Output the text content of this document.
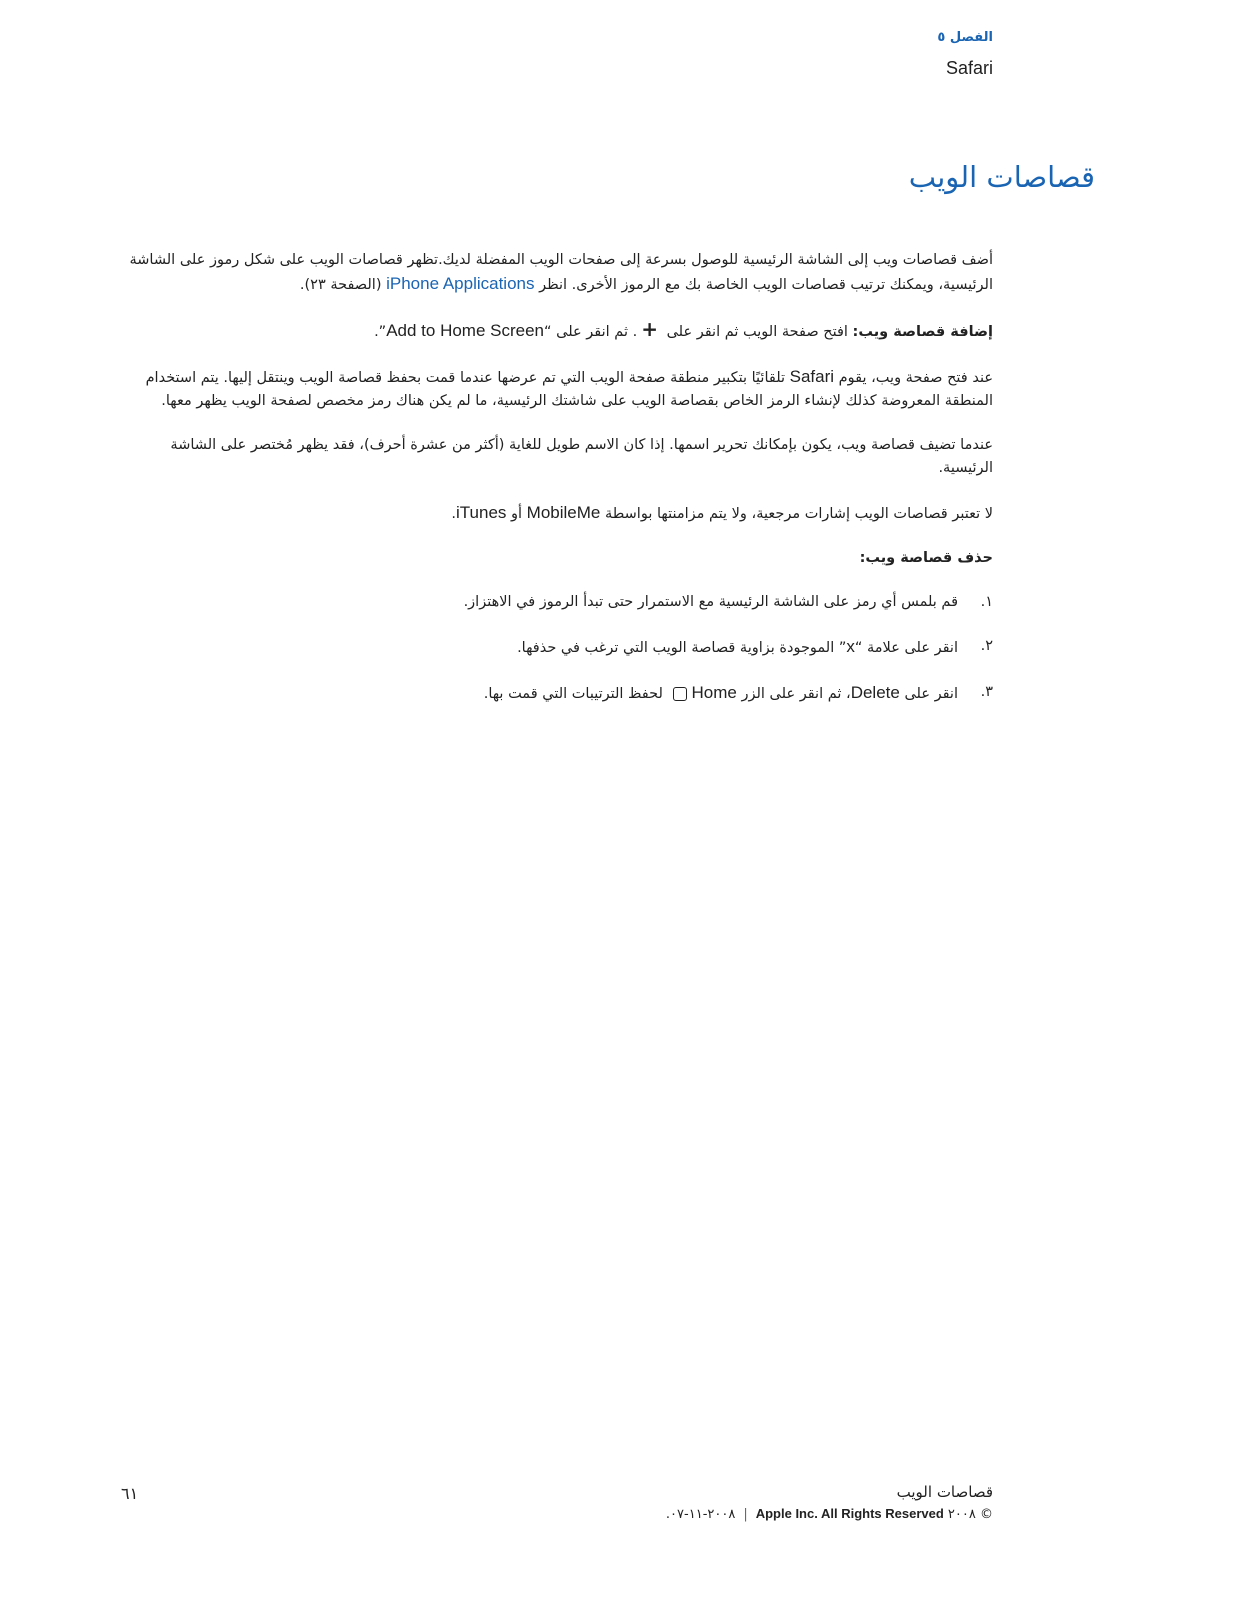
الفصل ٥
Safari
قصاصات الويب

أضف قصاصات ويب إلى الشاشة الرئيسية للوصول بسرعة إلى صفحات الويب المفضلة لديك.تظهر قصاصات الويب على شكل رموز على الشاشة الرئيسية، ويمكنك ترتيب قصاصات الويب الخاصة بك مع الرموز الأخرى. انظر iPhone Applications (الصفحة ٢٣).

إضافة قصاصة ويب: افتح صفحة الويب ثم انقر على +. ثم انقر على “Add to Home Screen”.

عند فتح صفحة ويب، يقوم Safari تلقائيًا بتكبير منطقة صفحة الويب التي تم عرضها عندما قمت بحفظ قصاصة الويب وينتقل إليها. يتم استخدام المنطقة المعروضة كذلك لإنشاء الرمز الخاص بقصاصة الويب على شاشتك الرئيسية، ما لم يكن هناك رمز مخصص لصفحة الويب يظهر معها.

عندما تضيف قصاصة ويب، يكون بإمكانك تحرير اسمها. إذا كان الاسم طويل للغاية (أكثر من عشرة أحرف)، فقد يظهر مُختصر على الشاشة الرئيسية.

لا تعتبر قصاصات الويب إشارات مرجعية، ولا يتم مزامنتها بواسطة MobileMe أو iTunes.

حذف قصاصة ويب:

١.
قم بلمس أي رمز على الشاشة الرئيسية مع الاستمرار حتى تبدأ الرموز في الاهتزاز.
٢.
انقر على علامة “x” الموجودة بزاوية قصاصة الويب التي ترغب في حذفها.
٣.
انقر على Delete، ثم انقر على الزر Home لحفظ الترتيبات التي قمت بها.
٦١	قصاصات الويب
© ٢٠٠٨ Apple Inc. All Rights Reserved|٢٠٠٨-١١-٠٧.
